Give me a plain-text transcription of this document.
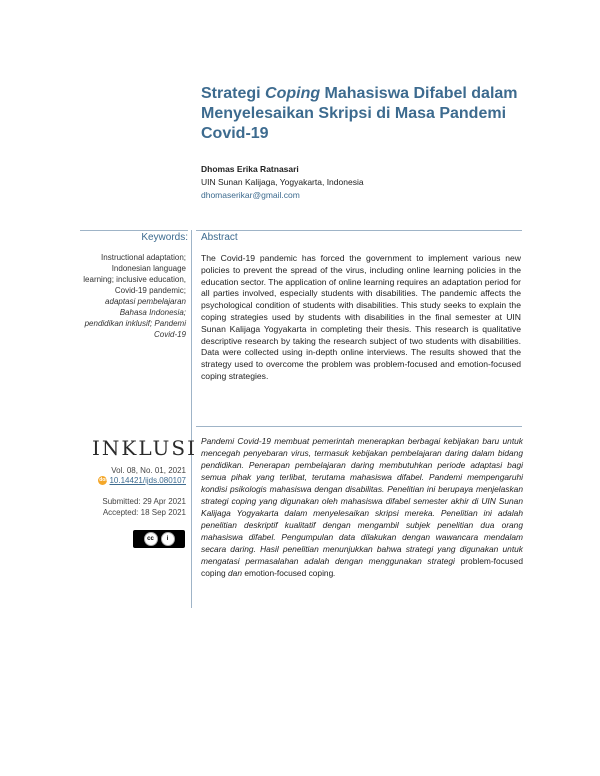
Strategi Coping Mahasiswa Difabel dalam Menyelesaikan Skripsi di Masa Pandemi Covid-19
Dhomas Erika Ratnasari
UIN Sunan Kalijaga, Yogyakarta, Indonesia
dhomaserikar@gmail.com
Keywords: Abstract
Instructional adaptation; Indonesian language learning; inclusive education, Covid-19 pandemic;
adaptasi pembelajaran Bahasa Indonesia; pendidikan inklusif; Pandemi Covid-19
The Covid-19 pandemic has forced the government to implement various new policies to prevent the spread of the virus, including online learning policies in the education sector. The application of online learning requires an adaptation period for all parties involved, especially students with disabilities. The pandemic affects the psychological condition of students with disabilities. This study seeks to explain the coping strategies used by students with disabilities in the final semester at UIN Sunan Kalijaga Yogyakarta in completing their thesis. This research is qualitative descriptive research by taking the research subject of two students with disabilities. Data were collected using in-depth online interviews. The results showed that the strategy used to overcome the problem was problem-focused and emotion-focused coping strategies.
Pandemi Covid-19 membuat pemerintah menerapkan berbagai kebijakan baru untuk mencegah penyebaran virus, termasuk kebijakan pembelajaran daring dalam bidang pendidikan. Penerapan pembelajaran daring membutuhkan periode adaptasi bagi semua pihak yang terlibat, terutama mahasiswa difabel. Pandemi mempengaruhi kondisi psikologis mahasiswa dengan disabilitas. Penelitian ini berupaya menjelaskan strategi coping yang digunakan oleh mahasiswa difabel semester akhir di UIN Sunan Kalijaga Yogyakarta dalam menyelesaikan skripsi mereka. Penelitian ini adalah penelitian deskriptif kualitatif dengan mengambil subjek penelitian dua orang mahasiswa difabel. Pengumpulan data dilakukan dengan wawancara mendalam secara daring. Hasil penelitian menunjukkan bahwa strategi yang digunakan untuk mengatasi permasalahan adalah dengan menggunakan strategi problem-focused coping dan emotion-focused coping.
INKLUSI
Vol. 08, No. 01, 2021
doi 10.14421/ijds.080107
Submitted: 29 Apr 2021
Accepted: 18 Sep 2021
cc	i
